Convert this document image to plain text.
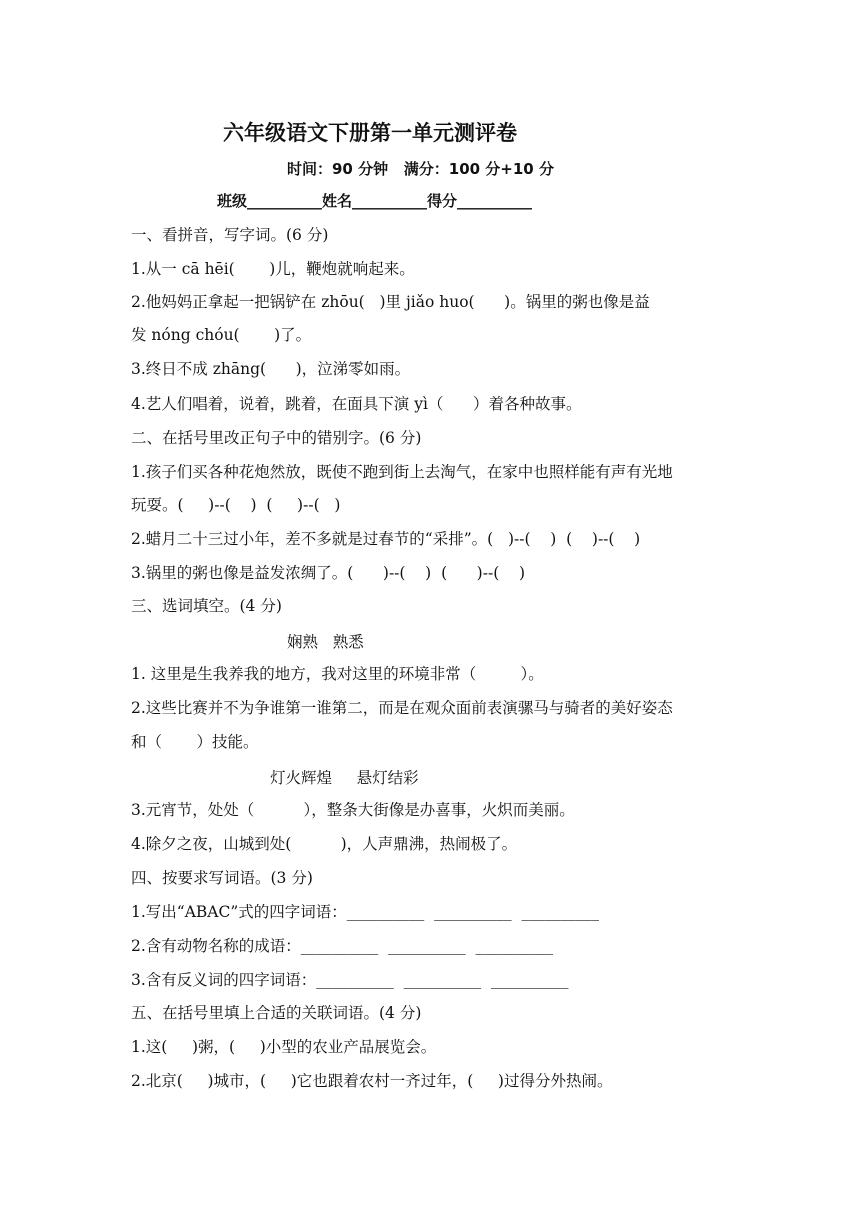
六年级语文下册第一单元测评卷
时间：90 分钟   满分：100 分+10 分
班级__________姓名__________得分__________
一、看拼音，写字词。(6 分)
1.从一 cā hēi(       )儿，鞭炮就响起来。
2.他妈妈正拿起一把锅铲在 zhōu(   )里 jiǎo huo(      )。锅里的粥也像是益
发 nóng chóu(       )了。
3.终日不成 zhāng(      )，泣涕零如雨。
4.艺人们唱着，说着，跳着，在面具下演 yì（      ）着各种故事。
二、在括号里改正句子中的错别字。(6 分)
1.孩子们买各种花炮然放，既使不跑到街上去淘气，在家中也照样能有声有光地
玩耍。(     )--(    )  (     )--(   )
2.蜡月二十三过小年，差不多就是过春节的“采排”。(   )--(    )  (    )--(    )
3.锅里的粥也像是益发浓绸了。(      )--(    )  (      )--(    )
三、选词填空。(4 分)
娴熟   熟悉
1. 这里是生我养我的地方，我对这里的环境非常（         ）。
2.这些比赛并不为争谁第一谁第二，而是在观众面前表演骡马与骑者的美好姿态
和（       ）技能。
灯火辉煌     悬灯结彩
3.元宵节，处处（          ），整条大街像是办喜事，火炽而美丽。
4.除夕之夜，山城到处(          )，人声鼎沸，热闹极了。
四、按要求写词语。(3 分)
1.写出“ABAC”式的四字词语：__________  __________  __________
2.含有动物名称的成语：__________  __________  __________
3.含有反义词的四字词语：__________  __________  __________
五、在括号里填上合适的关联词语。(4 分)
1.这(     )粥，(     )小型的农业产品展览会。
2.北京(     )城市，(     )它也跟着农村一齐过年，(     )过得分外热闹。
